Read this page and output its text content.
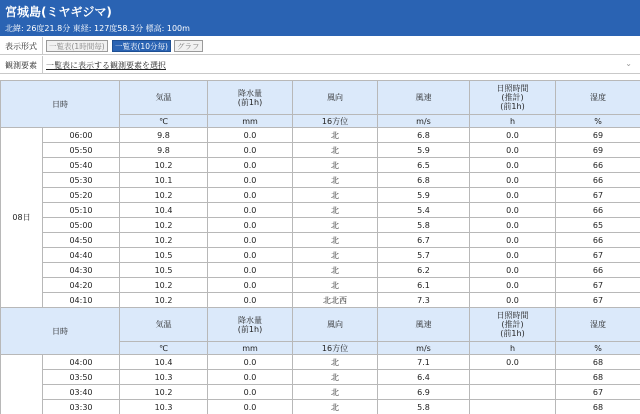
宮城島(ミヤギジマ)
北緯: 26度21.8分 東経: 127度58.3分 標高: 100m
表示形式	一覧表(1時間毎)	一覧表(10分毎)	グラフ
観測要素 一覧表に表示する観測要素を選択	⌄
日時		気温	降水量
(前1h)	風向	風速	日照時間
(推計)
(前1h)	湿度
		℃	mm	16方位	m/s	h	%
08日	06:00	9.8	0.0	北	6.8	0.0	69
	05:50	9.8	0.0	北	5.9	0.0	69
	05:40	10.2	0.0	北	6.5	0.0	66
	05:30	10.1	0.0	北	6.8	0.0	66
	05:20	10.2	0.0	北	5.9	0.0	67
	05:10	10.4	0.0	北	5.4	0.0	66
	05:00	10.2	0.0	北	5.8	0.0	65
	04:50	10.2	0.0	北	6.7	0.0	66
	04:40	10.5	0.0	北	5.7	0.0	67
	04:30	10.5	0.0	北	6.2	0.0	66
	04:20	10.2	0.0	北	6.1	0.0	67
	04:10	10.2	0.0	北北西	7.3	0.0	67
日時		気温	降水量
(前1h)	風向	風速	日照時間
(推計)
(前1h)	湿度
		℃	mm	16方位	m/s	h	%
	04:00	10.4	0.0	北	7.1	0.0	68
	03:50	10.3	0.0	北	6.4		68
	03:40	10.2	0.0	北	6.9		67
	03:30	10.3	0.0	北	5.8		68
